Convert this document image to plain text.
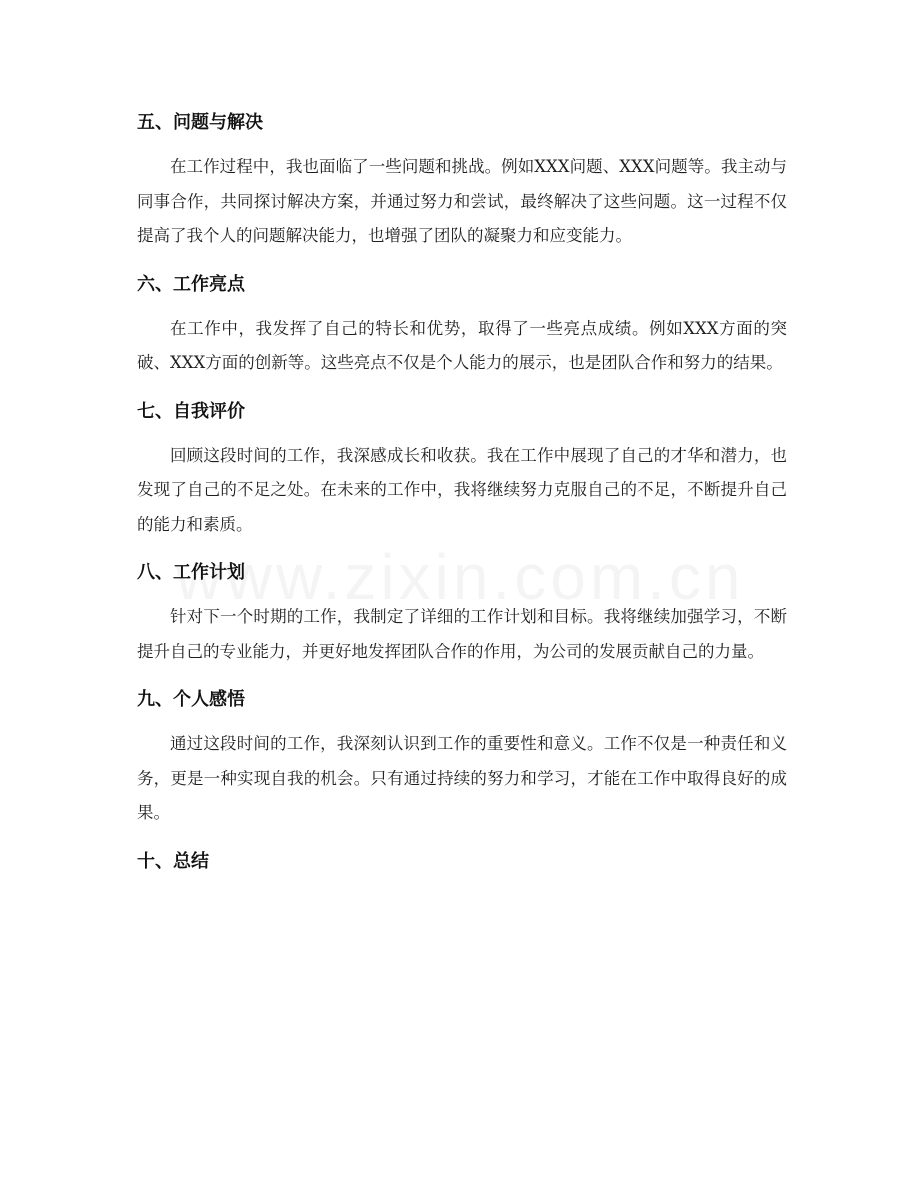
五、问题与解决

在工作过程中，我也面临了一些问题和挑战。例如XXX问题、XXX问题等。我主动与同事合作，共同探讨解决方案，并通过努力和尝试，最终解决了这些问题。这一过程不仅提高了我个人的问题解决能力，也增强了团队的凝聚力和应变能力。

六、工作亮点

在工作中，我发挥了自己的特长和优势，取得了一些亮点成绩。例如XXX方面的突破、XXX方面的创新等。这些亮点不仅是个人能力的展示，也是团队合作和努力的结果。

七、自我评价

回顾这段时间的工作，我深感成长和收获。我在工作中展现了自己的才华和潜力，也发现了自己的不足之处。在未来的工作中，我将继续努力克服自己的不足，不断提升自己的能力和素质。

八、工作计划

针对下一个时期的工作，我制定了详细的工作计划和目标。我将继续加强学习，不断提升自己的专业能力，并更好地发挥团队合作的作用，为公司的发展贡献自己的力量。

九、个人感悟

通过这段时间的工作，我深刻认识到工作的重要性和意义。工作不仅是一种责任和义务，更是一种实现自我的机会。只有通过持续的努力和学习，才能在工作中取得良好的成果。

十、总结
